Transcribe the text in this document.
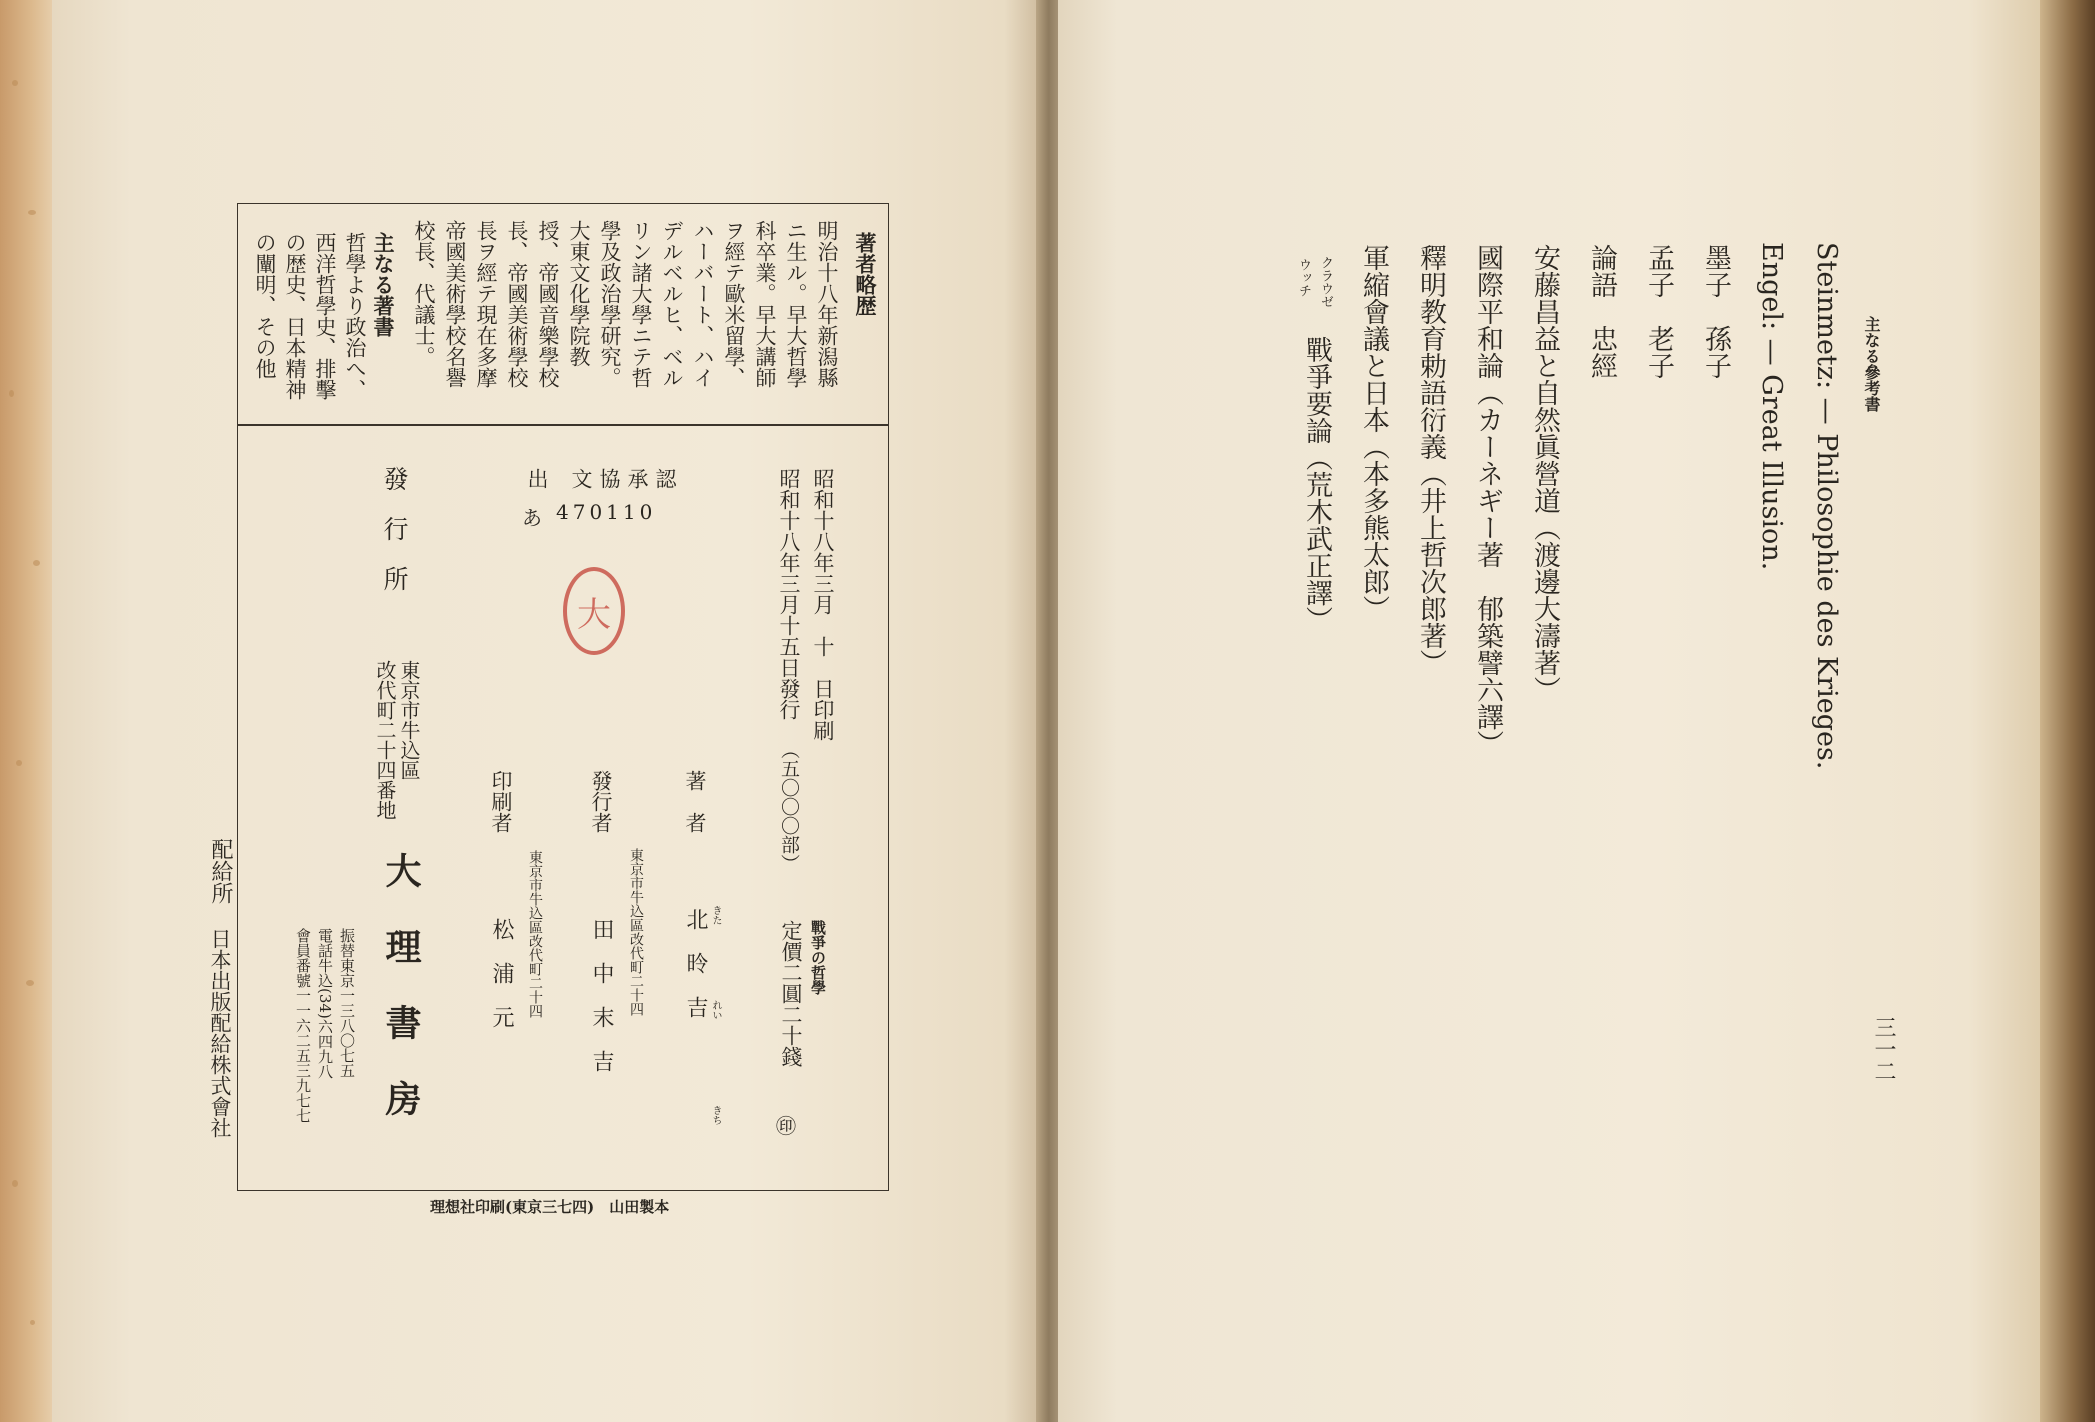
著者略歴
明治十八年新潟縣
ニ生ル。早大哲學
科卒業。早大講師
ヲ經テ歐米留學、
ハーバート、ハイ
デルベルヒ、ベル
リン諸大學ニテ哲
學及政治學研究。
大東文化學院教
授、帝國音樂學校
長、帝國美術學校
長ヲ經テ現在多摩
帝國美術學校名譽
校長、代議士。
主なる著書
哲學より政治へ、
西洋哲學史、排擊
の歴史、日本精神
の闡明、その他
昭和十八年三月　十　日印刷
昭和十八年三月十五日發行
（五〇〇〇部）
認
承
協
文
出
470110
あ
大
戰爭の哲學
定價二圓二十錢
㊞
著　者
北　昤　吉 きた
れい
きち
東京市牛込區改代町二十四
發行者
田　中　末　吉
東京市牛込區改代町二十四
印刷者
松　浦　元
發　行　所
東京市牛込區
改代町二十四番地
大　理　書　房
振替東京一三八〇七五
電話牛込(34)六四九八
會員番號一一六二五三九七七
配給所
日本出版配給株式會社
理想社印刷(東京三七四)　山田製本
主なる參考書
三一二
Steinmetz: — Philosophie des Krieges.
Engel: — Great Illusion.
墨子　孫子
孟子　老子
論語　忠經
安藤昌益と自然眞營道（渡邊大濤著）
國際平和論（カーネギー著　郁築譬六譯）
釋明教育勅語衍義（井上哲次郎著）
軍縮會議と日本（本多熊太郎）
戰爭要論（荒木武正譯）
クラウゼ
ウッチ
